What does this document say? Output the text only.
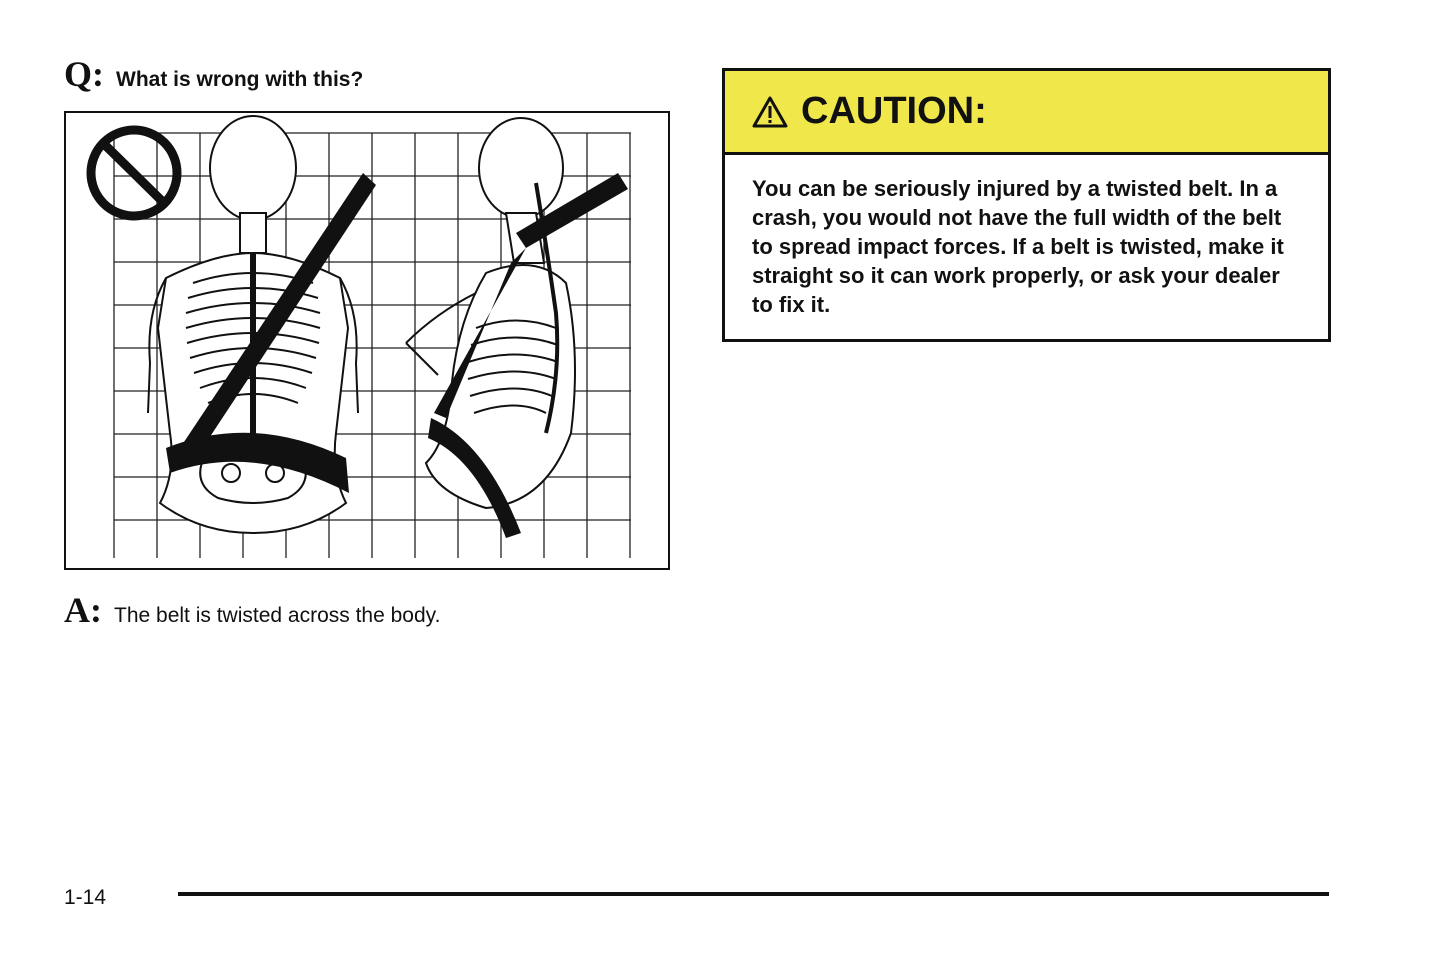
Q: What is wrong with this?
A: The belt is twisted across the body.
CAUTION:
You can be seriously injured by a twisted belt. In a crash, you would not have the full width of the belt to spread impact forces. If a belt is twisted, make it straight so it can work properly, or ask your dealer to fix it.
1-14
